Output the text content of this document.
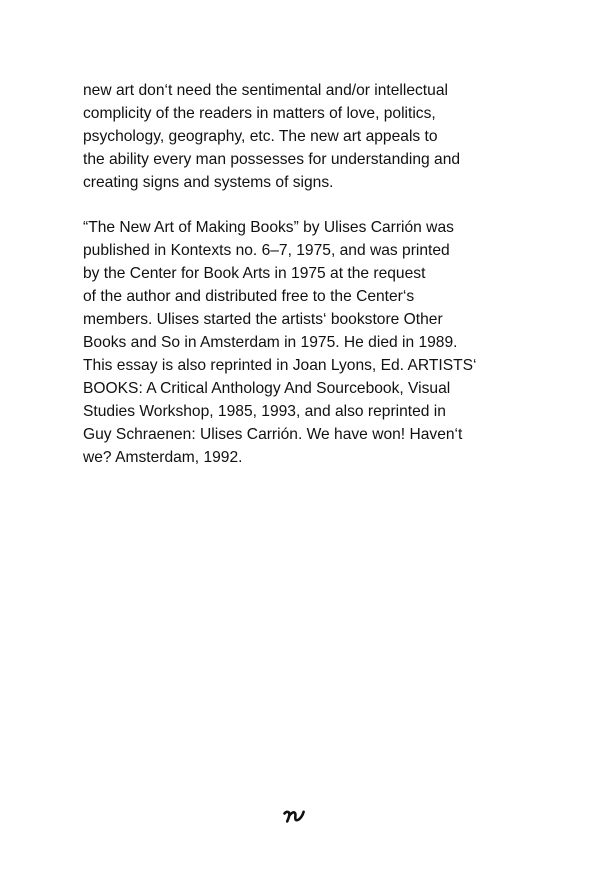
new art don‘t need the sentimental and/or intellectual
complicity of the readers in matters of love, politics,
psychology, geography, etc. The new art appeals to
the ability every man possesses for understanding and
creating signs and systems of signs.
“The New Art of Making Books” by Ulises Carrión was
published in Kontexts no. 6–7, 1975, and was printed
by the Center for Book Arts in 1975 at the request
of the author and distributed free to the Center‘s
members. Ulises started the artists‘ bookstore Other
Books and So in Amsterdam in 1975. He died in 1989.
This essay is also reprinted in Joan Lyons, Ed. ARTISTS‘
BOOKS: A Critical Anthology And Sourcebook, Visual
Studies Workshop, 1985, 1993, and also reprinted in
Guy Schraenen: Ulises Carrión. We have won! Haven‘t
we? Amsterdam, 1992.
